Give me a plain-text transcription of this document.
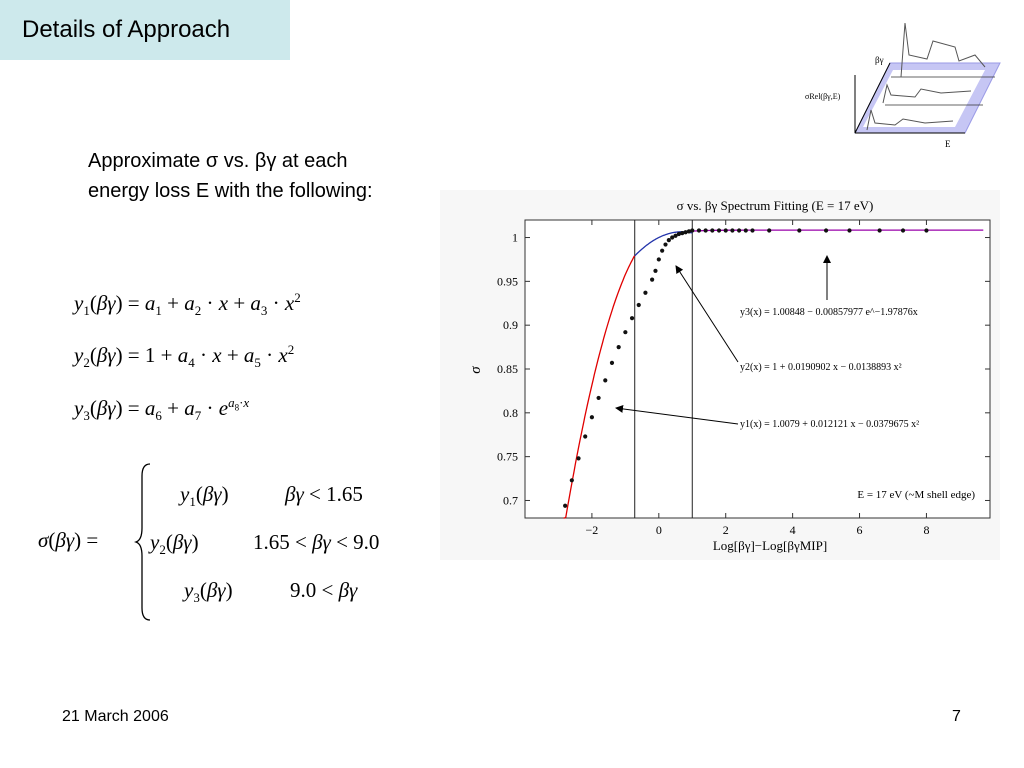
Details of Approach
Approximate σ vs. βγ at each energy loss E with the following:
$y_1(\beta\gamma) = a_1 + a_2 \cdot x + a_3 \cdot x^2$
$y_2(\beta\gamma) = 1 + a_4 \cdot x + a_5 \cdot x^2$
$y_3(\beta\gamma) = a_6 + a_7 \cdot e^{a_8\cdot x}$
σ(βγ) =
$y_1(\beta\gamma)$	βγ < 1.65
$y_2(\beta\gamma)$	1.65 < βγ < 9.0
$y_3(\beta\gamma)$	9.0 < βγ
βγ
σRel(βγ,E)
E
σ vs. βγ Spectrum Fitting (E = 17 eV)
−2	0	2	4	6	8
0.7
0.75
0.8
0.85
0.9
0.95
1
σ
Log[βγ]−Log[βγMIP]
E = 17 eV (~M shell edge)
y3(x) = 1.00848 − 0.00857977 e^−1.97876x
y2(x) = 1 + 0.0190902 x − 0.0138893 x²
y1(x) = 1.0079 + 0.012121 x − 0.0379675 x²
21 March 2006	7
